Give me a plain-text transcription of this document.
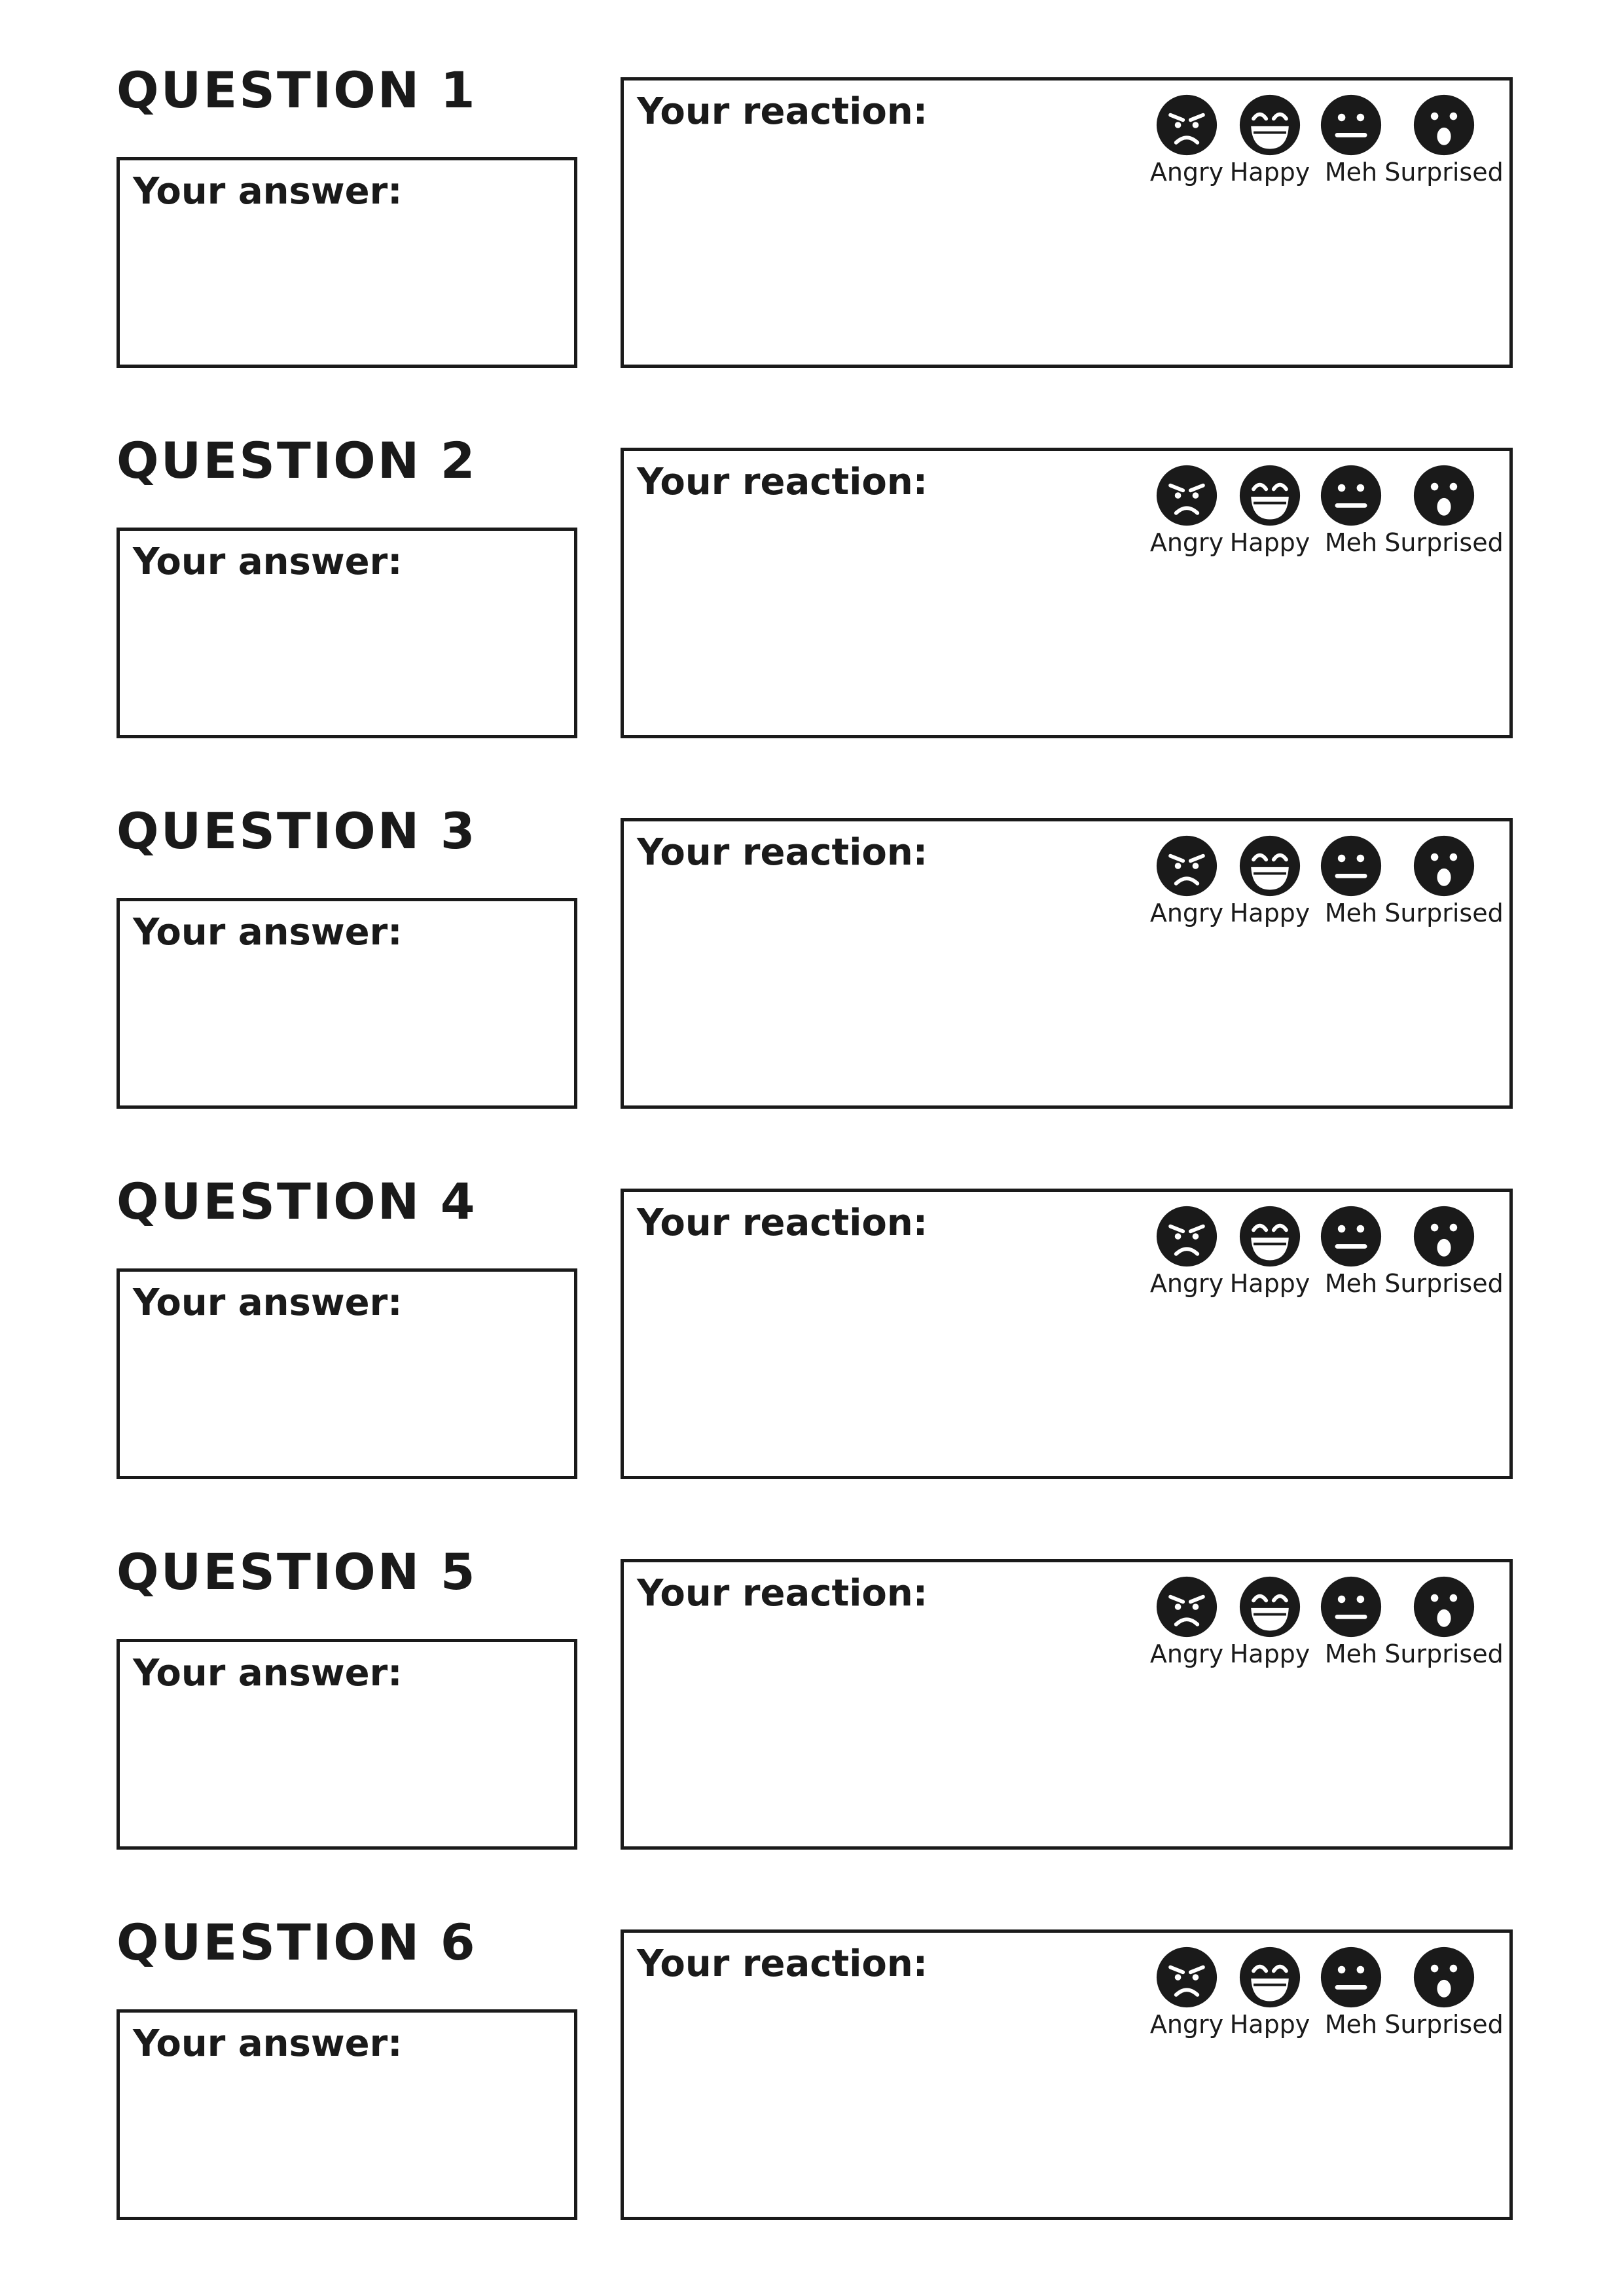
QUESTION 1
Your answer:
Your reaction:
Angry Happy Meh Surprised
QUESTION 2
Your answer:
Your reaction:
Angry Happy Meh Surprised
QUESTION 3
Your answer:
Your reaction:
Angry Happy Meh Surprised
QUESTION 4
Your answer:
Your reaction:
Angry Happy Meh Surprised
QUESTION 5
Your answer:
Your reaction:
Angry Happy Meh Surprised
QUESTION 6
Your answer:
Your reaction:
Angry Happy Meh Surprised
